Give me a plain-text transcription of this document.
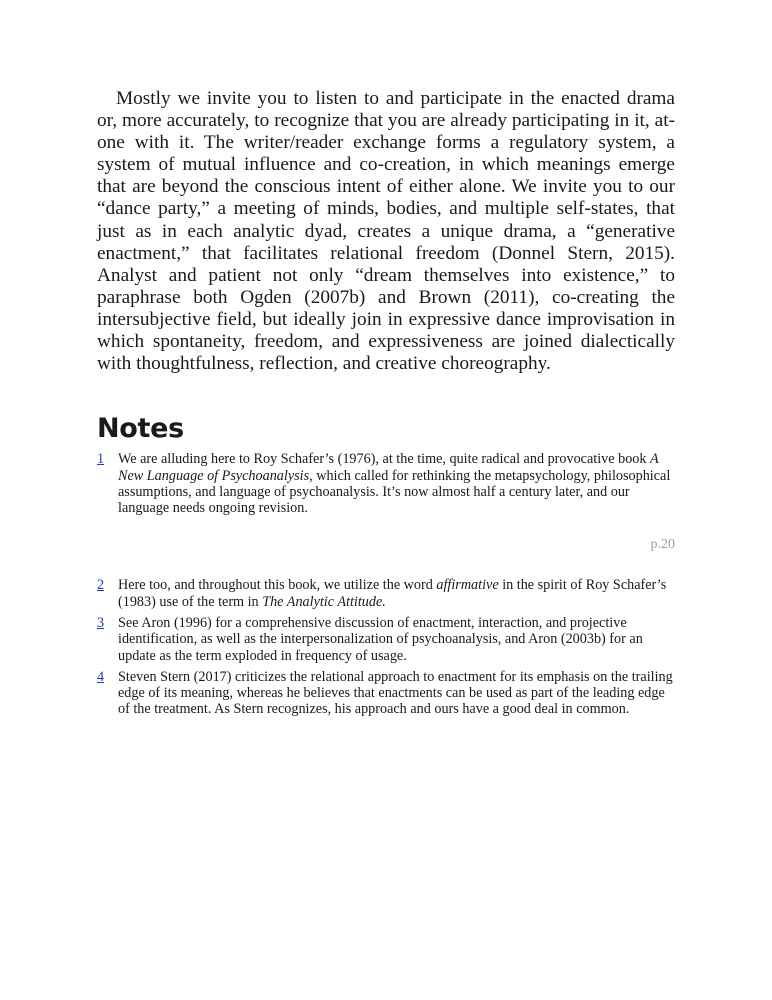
Mostly we invite you to listen to and participate in the enacted drama or, more accurately, to recognize that you are already participating in it, at-one with it. The writer/reader exchange forms a regulatory system, a system of mutual influence and co-creation, in which meanings emerge that are beyond the conscious intent of either alone. We invite you to our “dance party,” a meeting of minds, bodies, and multiple self-states, that just as in each analytic dyad, creates a unique drama, a “generative enactment,” that facilitates relational freedom (Donnel Stern, 2015). Analyst and patient not only “dream themselves into existence,” to paraphrase both Ogden (2007b) and Brown (2011), co-creating the intersubjective field, but ideally join in expressive dance improvisation in which spontaneity, freedom, and expressiveness are joined dialectically with thoughtfulness, reflection, and creative choreography.

Notes
1 We are alluding here to Roy Schafer’s (1976), at the time, quite radical and provocative book A New Language of Psychoanalysis, which called for rethinking the metapsychology, philosophical assumptions, and language of psychoanalysis. It’s now almost half a century later, and our language needs ongoing revision.
p.20
2 Here too, and throughout this book, we utilize the word affirmative in the spirit of Roy Schafer’s (1983) use of the term in The Analytic Attitude.
3 See Aron (1996) for a comprehensive discussion of enactment, interaction, and projective identification, as well as the interpersonalization of psychoanalysis, and Aron (2003b) for an update as the term exploded in frequency of usage.
4 Steven Stern (2017) criticizes the relational approach to enactment for its emphasis on the trailing edge of its meaning, whereas he believes that enactments can be used as part of the leading edge of the treatment. As Stern recognizes, his approach and ours have a good deal in common.
